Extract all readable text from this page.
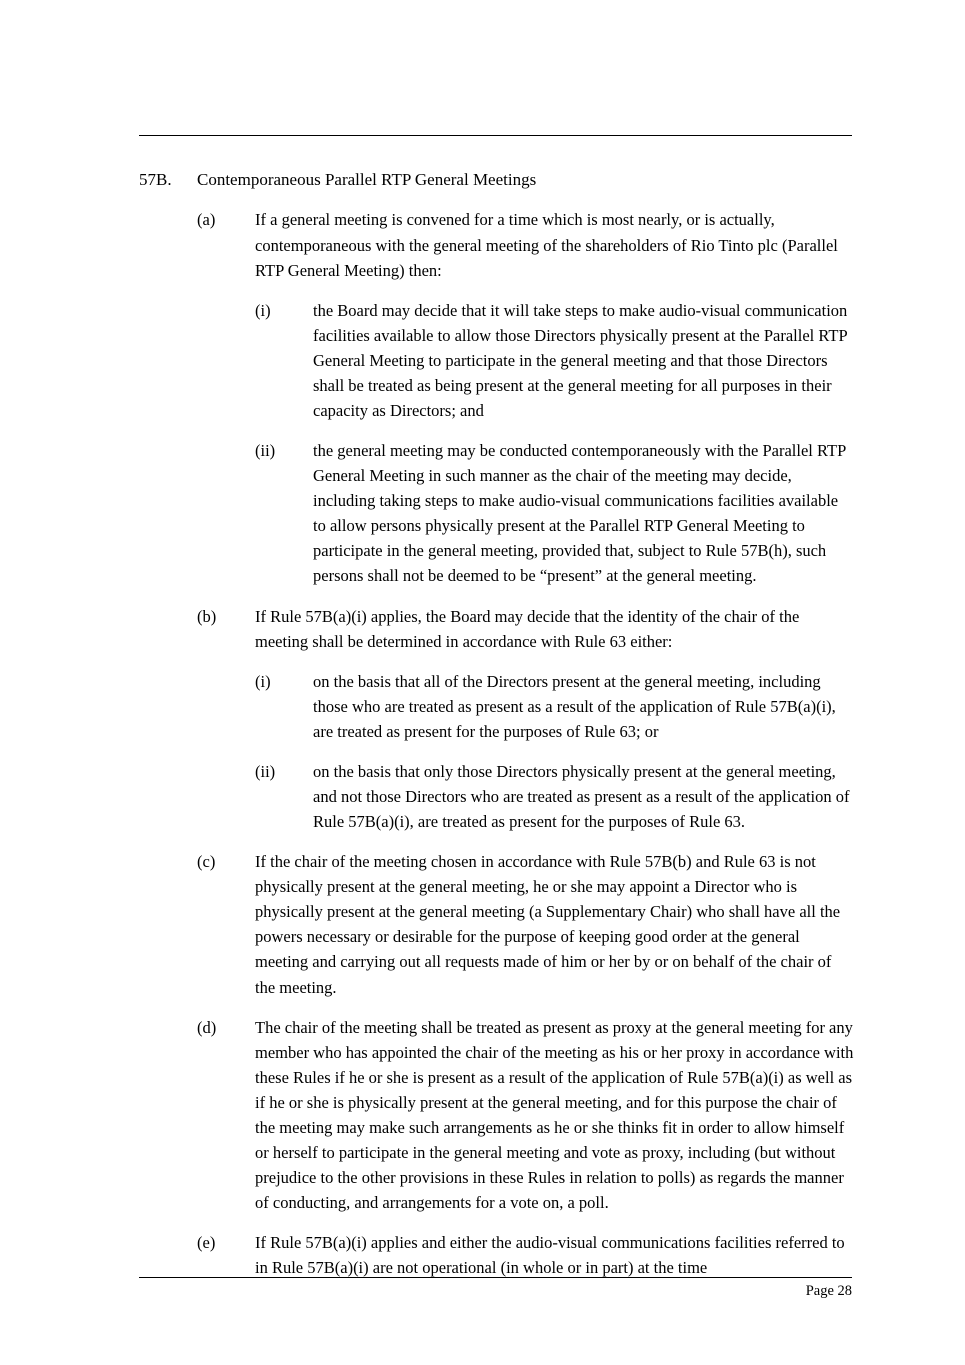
57B.	Contemporaneous Parallel RTP General Meetings
(a)	If a general meeting is convened for a time which is most nearly, or is actually, contemporaneous with the general meeting of the shareholders of Rio Tinto plc (Parallel RTP General Meeting) then:
(i)	the Board may decide that it will take steps to make audio-visual communication facilities available to allow those Directors physically present at the Parallel RTP General Meeting to participate in the general meeting and that those Directors shall be treated as being present at the general meeting for all purposes in their capacity as Directors; and
(ii)	the general meeting may be conducted contemporaneously with the Parallel RTP General Meeting in such manner as the chair of the meeting may decide, including taking steps to make audio-visual communications facilities available to allow persons physically present at the Parallel RTP General Meeting to participate in the general meeting, provided that, subject to Rule 57B(h), such persons shall not be deemed to be “present” at the general meeting.
(b)	If Rule 57B(a)(i) applies, the Board may decide that the identity of the chair of the meeting shall be determined in accordance with Rule 63 either:
(i)	on the basis that all of the Directors present at the general meeting, including those who are treated as present as a result of the application of Rule 57B(a)(i), are treated as present for the purposes of Rule 63; or
(ii)	on the basis that only those Directors physically present at the general meeting, and not those Directors who are treated as present as a result of the application of Rule 57B(a)(i), are treated as present for the purposes of Rule 63.
(c)	If the chair of the meeting chosen in accordance with Rule 57B(b) and Rule 63 is not physically present at the general meeting, he or she may appoint a Director who is physically present at the general meeting (a Supplementary Chair) who shall have all the powers necessary or desirable for the purpose of keeping good order at the general meeting and carrying out all requests made of him or her by or on behalf of the chair of the meeting.
(d)	The chair of the meeting shall be treated as present as proxy at the general meeting for any member who has appointed the chair of the meeting as his or her proxy in accordance with these Rules if he or she is present as a result of the application of Rule 57B(a)(i) as well as if he or she is physically present at the general meeting, and for this purpose the chair of the meeting may make such arrangements as he or she thinks fit in order to allow himself or herself to participate in the general meeting and vote as proxy, including (but without prejudice to the other provisions in these Rules in relation to polls) as regards the manner of conducting, and arrangements for a vote on, a poll.
(e)	If Rule 57B(a)(i) applies and either the audio-visual communications facilities referred to in Rule 57B(a)(i) are not operational (in whole or in part) at the time
Page 28
